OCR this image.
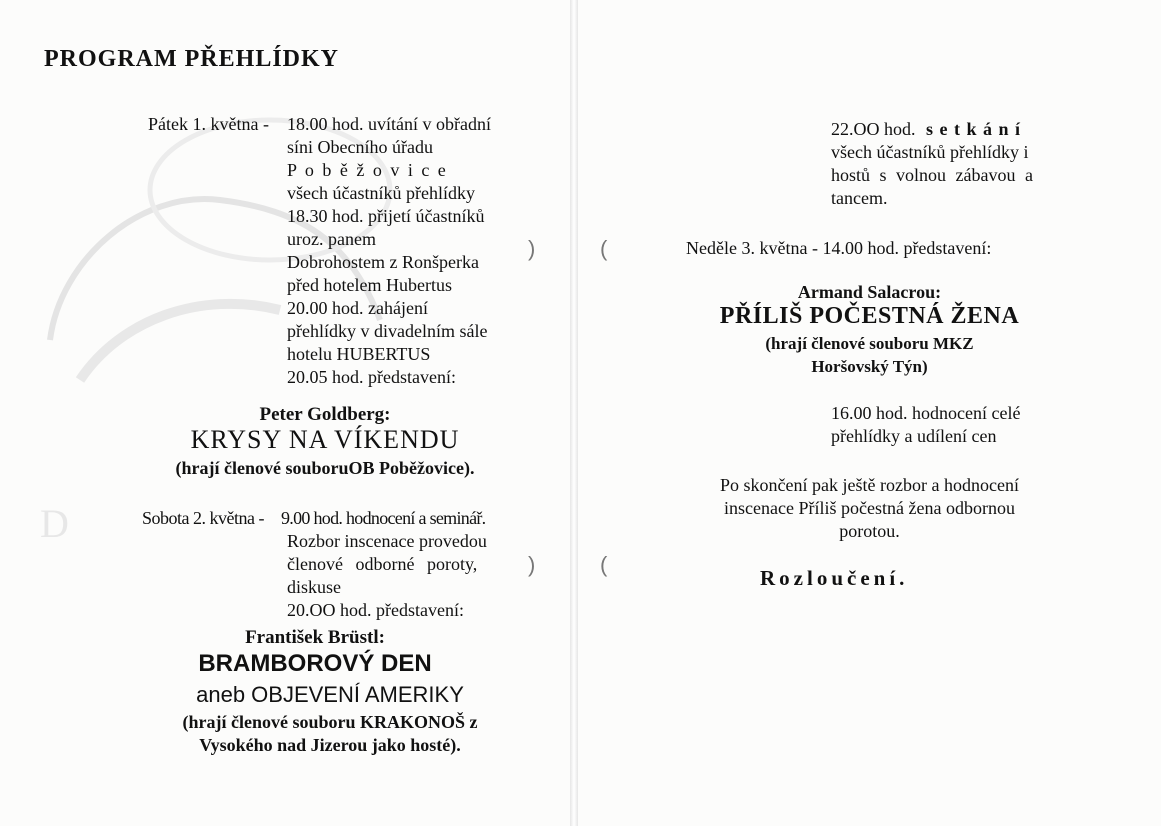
D
PROGRAM PŘEHLÍDKY
Pátek 1. května - 18.00 hod. uvítání v obřadní
síni Obecního úřadu
P o b ě ž o v i c e
všech účastníků přehlídky
18.30 hod. přijetí účastníků
uroz. panem
Dobrohostem z Ronšperka
před hotelem Hubertus
20.00 hod. zahájení
přehlídky v divadelním sále
hotelu HUBERTUS
20.05 hod. představení:
Peter Goldberg:
KRYSY NA VÍKENDU
(hrají členové souboruOB Poběžovice).
Sobota 2. května - 9.00 hod. hodnocení a seminář.
Rozbor inscenace provedou
členové odborné poroty,
diskuse
20.OO hod. představení:
František Brüstl:
BRAMBOROVÝ DEN
aneb OBJEVENÍ AMERIKY
(hrají členové souboru KRAKONOŠ z
Vysokého nad Jizerou jako hosté).
)
)
22.OO hod. s e t k á n í
všech účastníků přehlídky i
hostů s volnou zábavou a
tancem.
Neděle 3. května - 14.00 hod. představení:
Armand Salacrou:
PŘÍLIŠ POČESTNÁ ŽENA
(hrají členové souboru MKZ
Horšovský Týn)
16.00 hod. hodnocení celé
přehlídky a udílení cen
Po skončení pak ještě rozbor a hodnocení
inscenace Příliš počestná žena odbornou
porotou.
Rozloučení.
(
(
